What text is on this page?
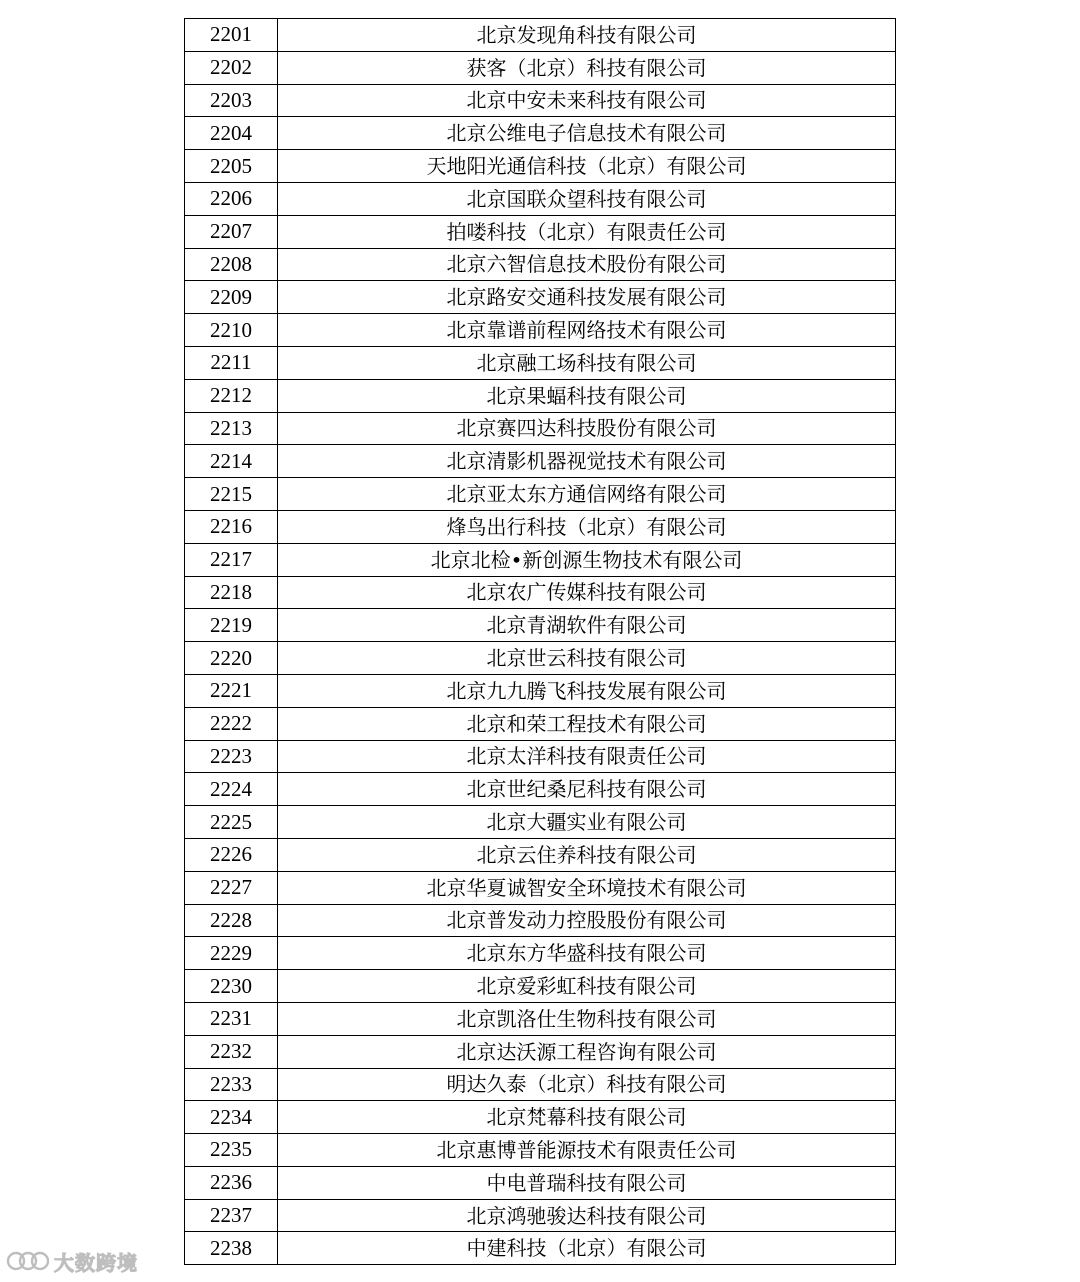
2201	北京发现角科技有限公司
2202	获客（北京）科技有限公司
2203	北京中安未来科技有限公司
2204	北京公维电子信息技术有限公司
2205	天地阳光通信科技（北京）有限公司
2206	北京国联众望科技有限公司
2207	拍喽科技（北京）有限责任公司
2208	北京六智信息技术股份有限公司
2209	北京路安交通科技发展有限公司
2210	北京靠谱前程网络技术有限公司
2211	北京融工场科技有限公司
2212	北京果蝠科技有限公司
2213	北京赛四达科技股份有限公司
2214	北京清影机器视觉技术有限公司
2215	北京亚太东方通信网络有限公司
2216	烽鸟出行科技（北京）有限公司
2217	北京北检•新创源生物技术有限公司
2218	北京农广传媒科技有限公司
2219	北京青湖软件有限公司
2220	北京世云科技有限公司
2221	北京九九腾飞科技发展有限公司
2222	北京和荣工程技术有限公司
2223	北京太洋科技有限责任公司
2224	北京世纪桑尼科技有限公司
2225	北京大疆实业有限公司
2226	北京云住养科技有限公司
2227	北京华夏诚智安全环境技术有限公司
2228	北京普发动力控股股份有限公司
2229	北京东方华盛科技有限公司
2230	北京爱彩虹科技有限公司
2231	北京凯洛仕生物科技有限公司
2232	北京达沃源工程咨询有限公司
2233	明达久泰（北京）科技有限公司
2234	北京梵幕科技有限公司
2235	北京惠博普能源技术有限责任公司
2236	中电普瑞科技有限公司
2237	北京鸿驰骏达科技有限公司
2238	中建科技（北京）有限公司
大数跨境
